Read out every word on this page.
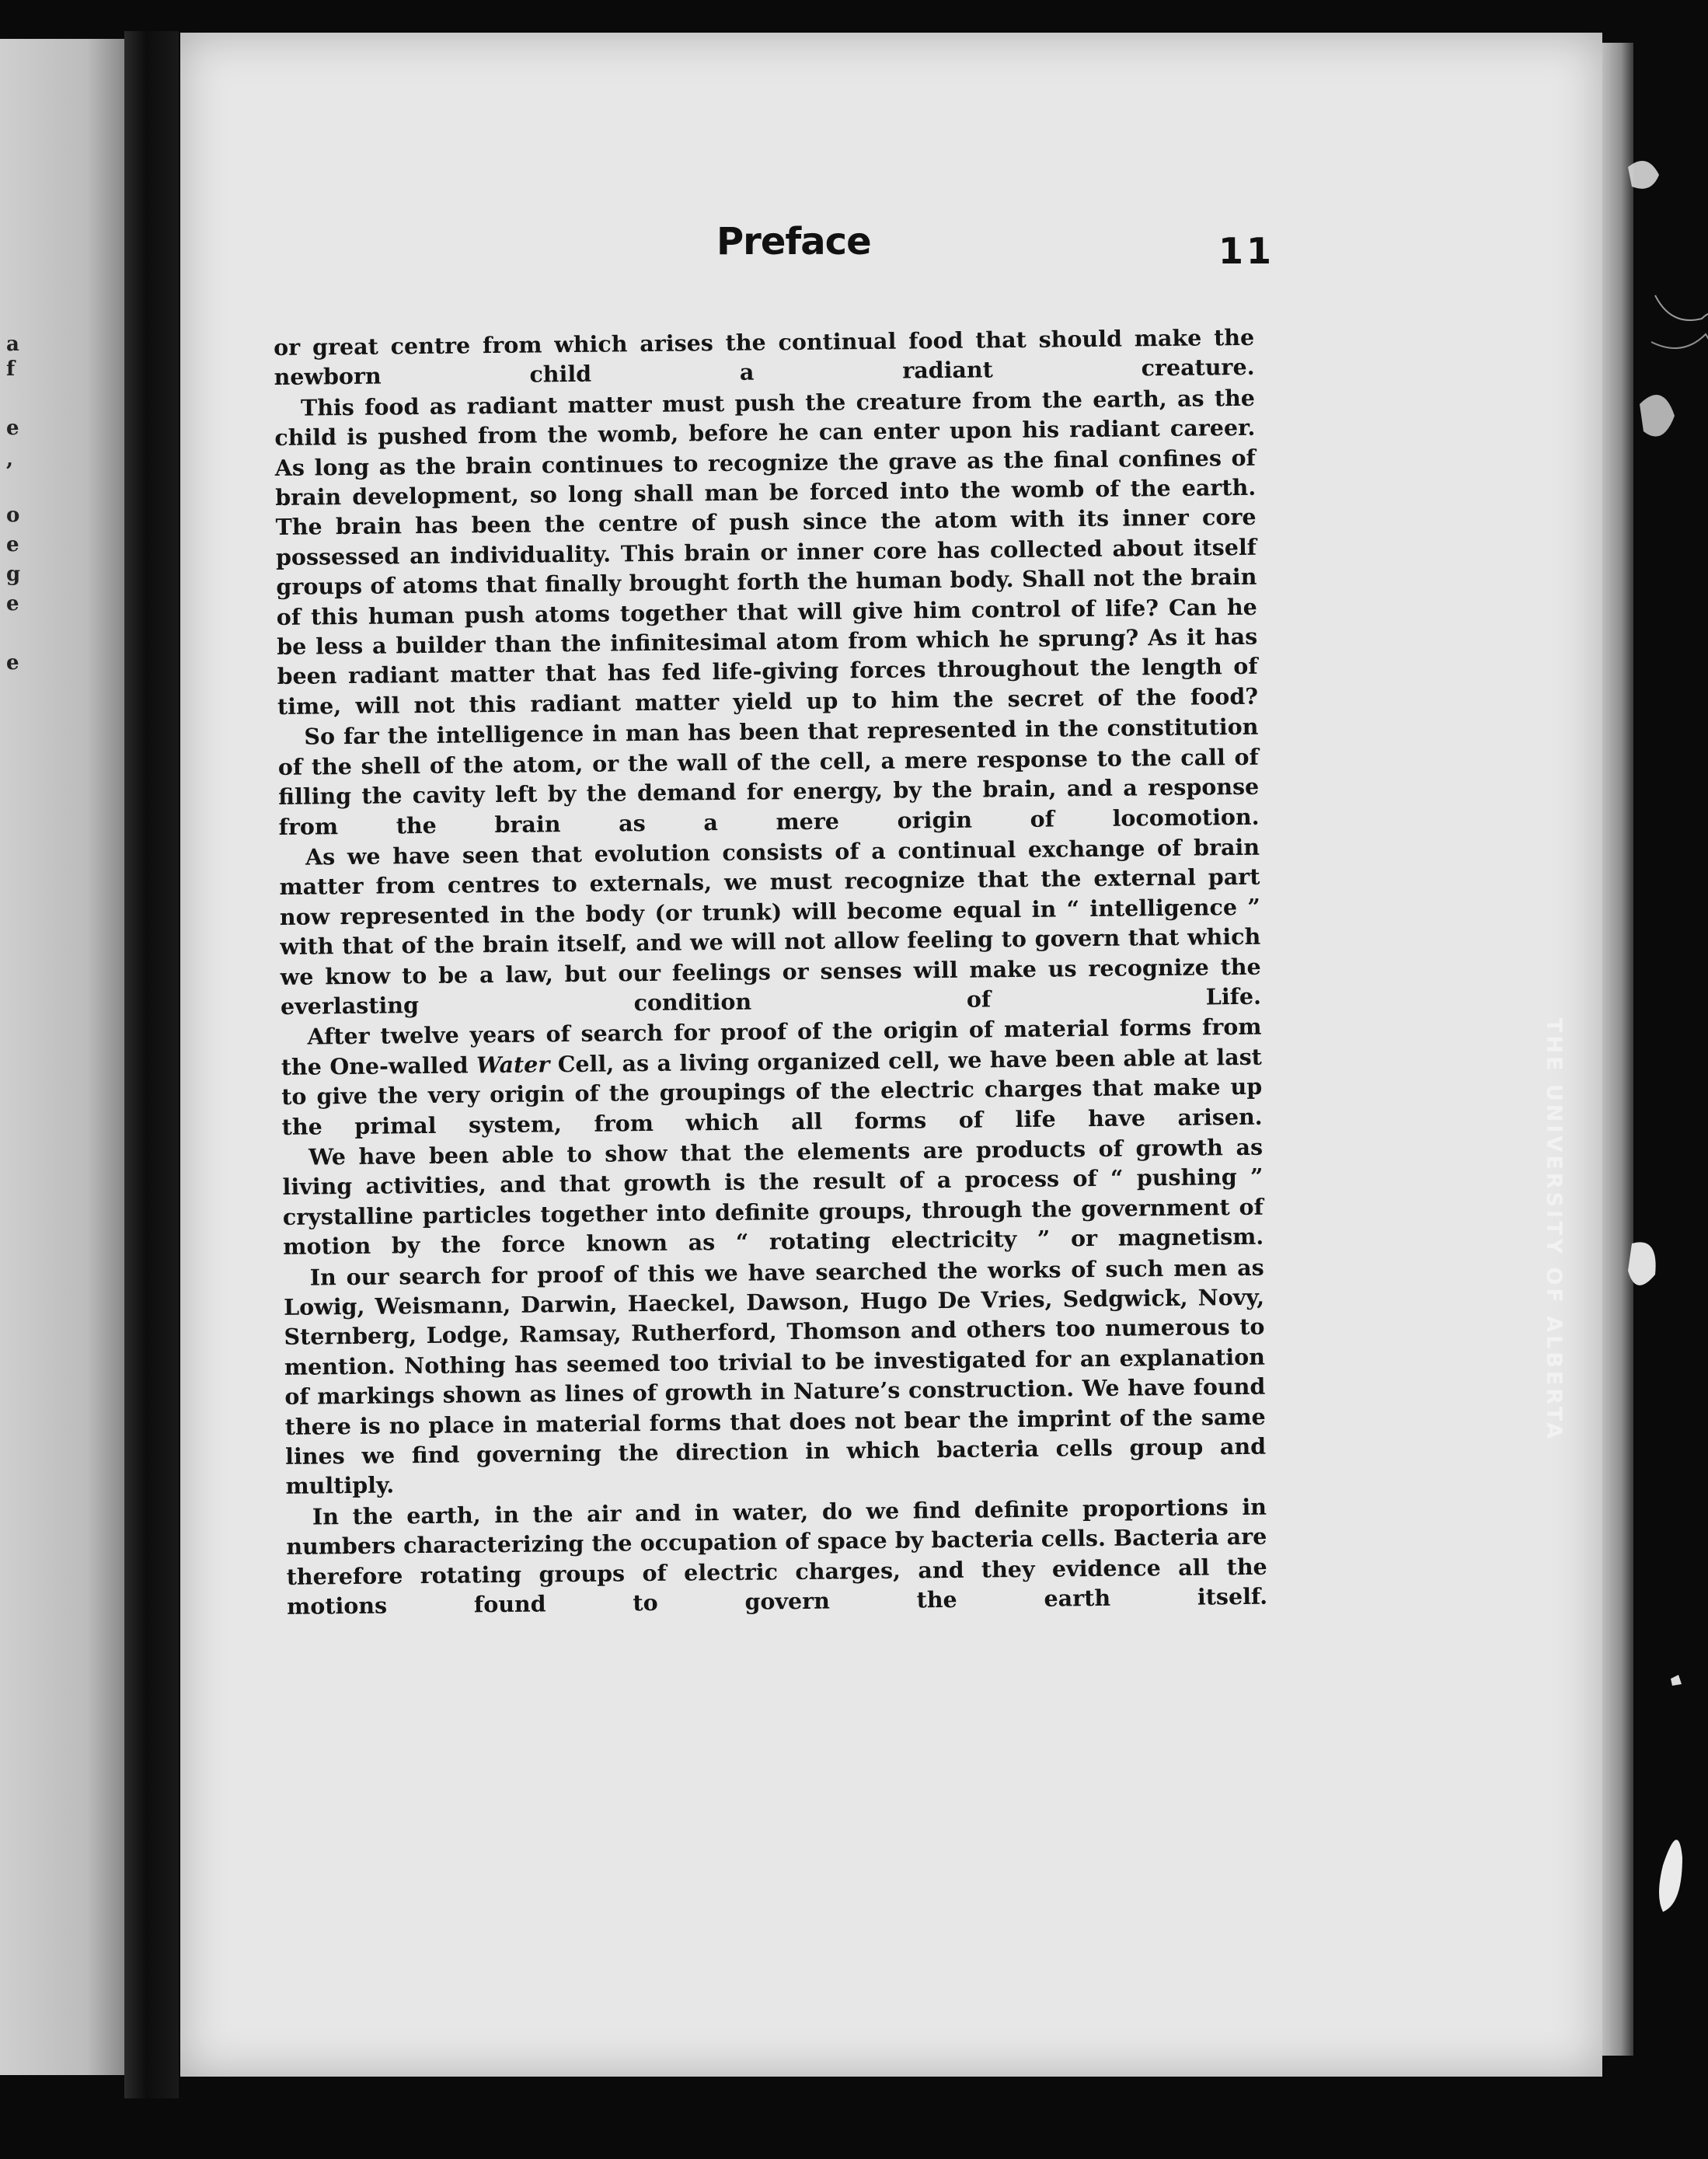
a
f
e
,
o
e
g
e
e
Preface	11

or great centre from which arises the continual food that should make the newborn child a radiant creature.

This food as radiant matter must push the creature from the earth, as the child is pushed from the womb, before he can enter upon his radiant career. As long as the brain continues to recognize the grave as the final confines of brain development, so long shall man be forced into the womb of the earth. The brain has been the centre of push since the atom with its inner core possessed an individuality. This brain or inner core has collected about itself groups of atoms that finally brought forth the human body. Shall not the brain of this human push atoms together that will give him control of life? Can he be less a builder than the infinitesimal atom from which he sprung? As it has been radiant matter that has fed life-giving forces throughout the length of time, will not this radiant matter yield up to him the secret of the food?

So far the intelligence in man has been that represented in the constitution of the shell of the atom, or the wall of the cell, a mere response to the call of filling the cavity left by the demand for energy, by the brain, and a response from the brain as a mere origin of locomotion.

As we have seen that evolution consists of a continual exchange of brain matter from centres to externals, we must recognize that the external part now represented in the body (or trunk) will become equal in “ intelligence ” with that of the brain itself, and we will not allow feeling to govern that which we know to be a law, but our feelings or senses will make us recognize the everlasting condition of Life.

After twelve years of search for proof of the origin of material forms from the One-walled Water Cell, as a living organized cell, we have been able at last to give the very origin of the groupings of the electric charges that make up the primal system, from which all forms of life have arisen.

We have been able to show that the elements are products of growth as living activities, and that growth is the result of a process of “ pushing ” crystalline particles together into definite groups, through the government of motion by the force known as “ rotating electricity ” or magnetism.

In our search for proof of this we have searched the works of such men as Lowig, Weismann, Darwin, Haeckel, Dawson, Hugo De Vries, Sedgwick, Novy, Sternberg, Lodge, Ramsay, Rutherford, Thomson and others too numerous to mention. Nothing has seemed too trivial to be investigated for an explanation of markings shown as lines of growth in Nature’s construction. We have found there is no place in material forms that does not bear the imprint of the same lines we find governing the direction in which bacteria cells group and multiply.

In the earth, in the air and in water, do we find definite proportions in numbers characterizing the occupation of space by bacteria cells. Bacteria are therefore rotating groups of electric charges, and they evidence all the motions found to govern the earth itself.

THE UNIVERSITY OF ALBERTA
